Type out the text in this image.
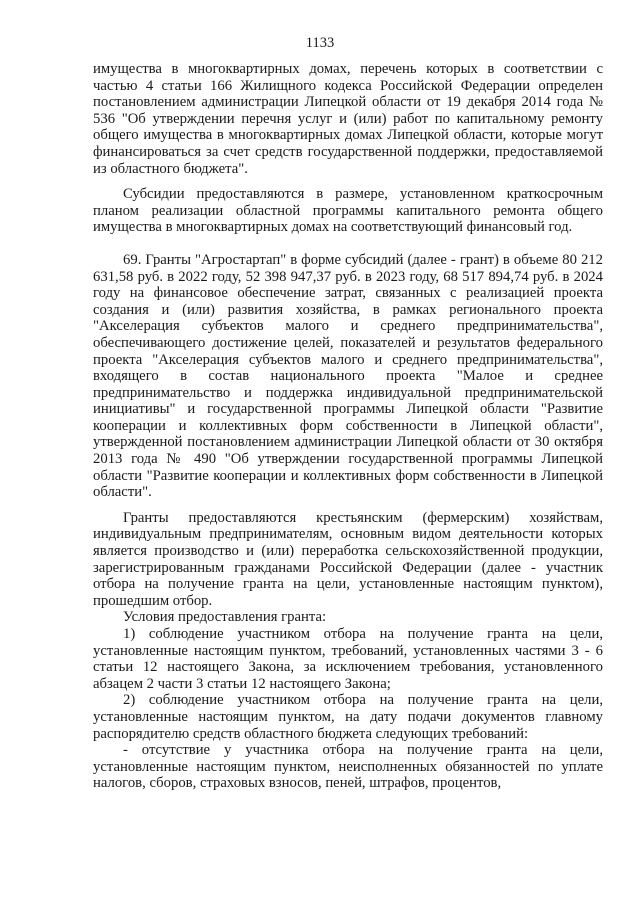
1133

имущества в многоквартирных домах, перечень которых в соответствии с частью 4 статьи 166 Жилищного кодекса Российской Федерации определен постановлением администрации Липецкой области от 19 декабря 2014 года № 536 "Об утверждении перечня услуг и (или) работ по капитальному ремонту общего имущества в многоквартирных домах Липецкой области, которые могут финансироваться за счет средств государственной поддержки, предоставляемой из областного бюджета".

Субсидии предоставляются в размере, установленном краткосрочным планом реализации областной программы капитального ремонта общего имущества в многоквартирных домах на соответствующий финансовый год.

69. Гранты "Агростартап" в форме субсидий (далее - грант) в объеме 80 212 631,58 руб. в 2022 году, 52 398 947,37 руб. в 2023 году, 68 517 894,74 руб. в 2024 году на финансовое обеспечение затрат, связанных с реализацией проекта создания и (или) развития хозяйства, в рамках регионального проекта "Акселерация субъектов малого и среднего предпринимательства", обеспечивающего достижение целей, показателей и результатов федерального проекта "Акселерация субъектов малого и среднего предпринимательства", входящего в состав национального проекта "Малое и среднее предпринимательство и поддержка индивидуальной предпринимательской инициативы" и государственной программы Липецкой области "Развитие кооперации и коллективных форм собственности в Липецкой области", утвержденной постановлением администрации Липецкой области от 30 октября 2013 года № 490 "Об утверждении государственной программы Липецкой области "Развитие кооперации и коллективных форм собственности в Липецкой области".

Гранты предоставляются крестьянским (фермерским) хозяйствам, индивидуальным предпринимателям, основным видом деятельности которых является производство и (или) переработка сельскохозяйственной продукции, зарегистрированным гражданами Российской Федерации (далее - участник отбора на получение гранта на цели, установленные настоящим пунктом), прошедшим отбор.

Условия предоставления гранта:

1) соблюдение участником отбора на получение гранта на цели, установленные настоящим пунктом, требований, установленных частями 3 - 6 статьи 12 настоящего Закона, за исключением требования, установленного абзацем 2 части 3 статьи 12 настоящего Закона;

2) соблюдение участником отбора на получение гранта на цели, установленные настоящим пунктом, на дату подачи документов главному распорядителю средств областного бюджета следующих требований:

- отсутствие у участника отбора на получение гранта на цели, установленные настоящим пунктом, неисполненных обязанностей по уплате налогов, сборов, страховых взносов, пеней, штрафов, процентов,
